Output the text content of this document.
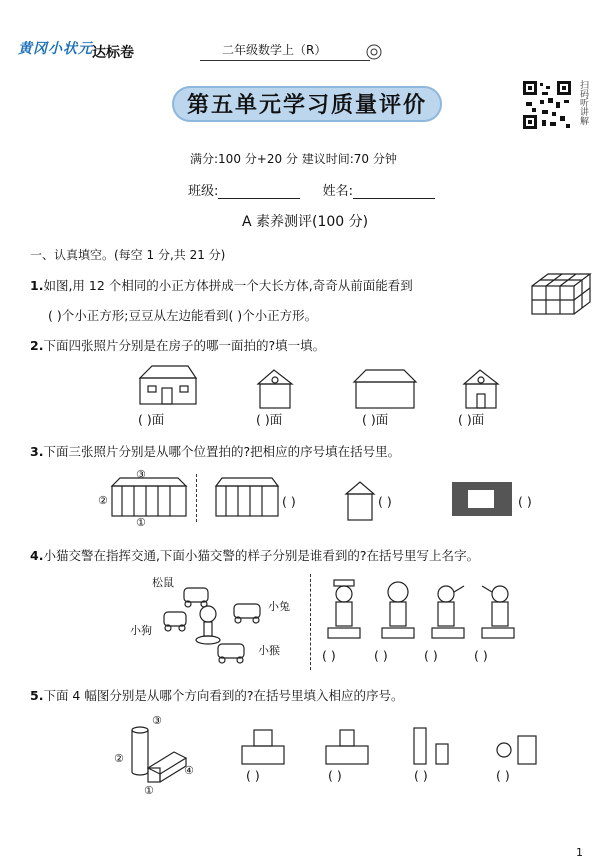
黄冈小状元 达标卷	二年级数学上（R）
第五单元学习质量评价	扫码听讲解
满分:100 分+20 分 建议时间:70 分钟
班级:	姓名:
A 素养测评(100 分)
一、认真填空。(每空 1 分,共 21 分)
1.如图,用 12 个相同的小正方体拼成一个大长方体,奇奇从前面能看到
( )个小正方形;豆豆从左边能看到( )个小正方形。
2.下面四张照片分别是在房子的哪一面拍的?填一填。
( )面	( )面	( )面	( )面
3.下面三张照片分别是从哪个位置拍的?把相应的序号填在括号里。
③
②
①
( )	( )	( )
4.小猫交警在指挥交通,下面小猫交警的样子分别是谁看到的?在括号里写上名字。
松鼠
小兔
小狗
小猴	( )	( )	( )	( )
5.下面 4 幅图分别是从哪个方向看到的?在括号里填入相应的序号。
③
②
④
①
( )	( )	( )	( )
1
